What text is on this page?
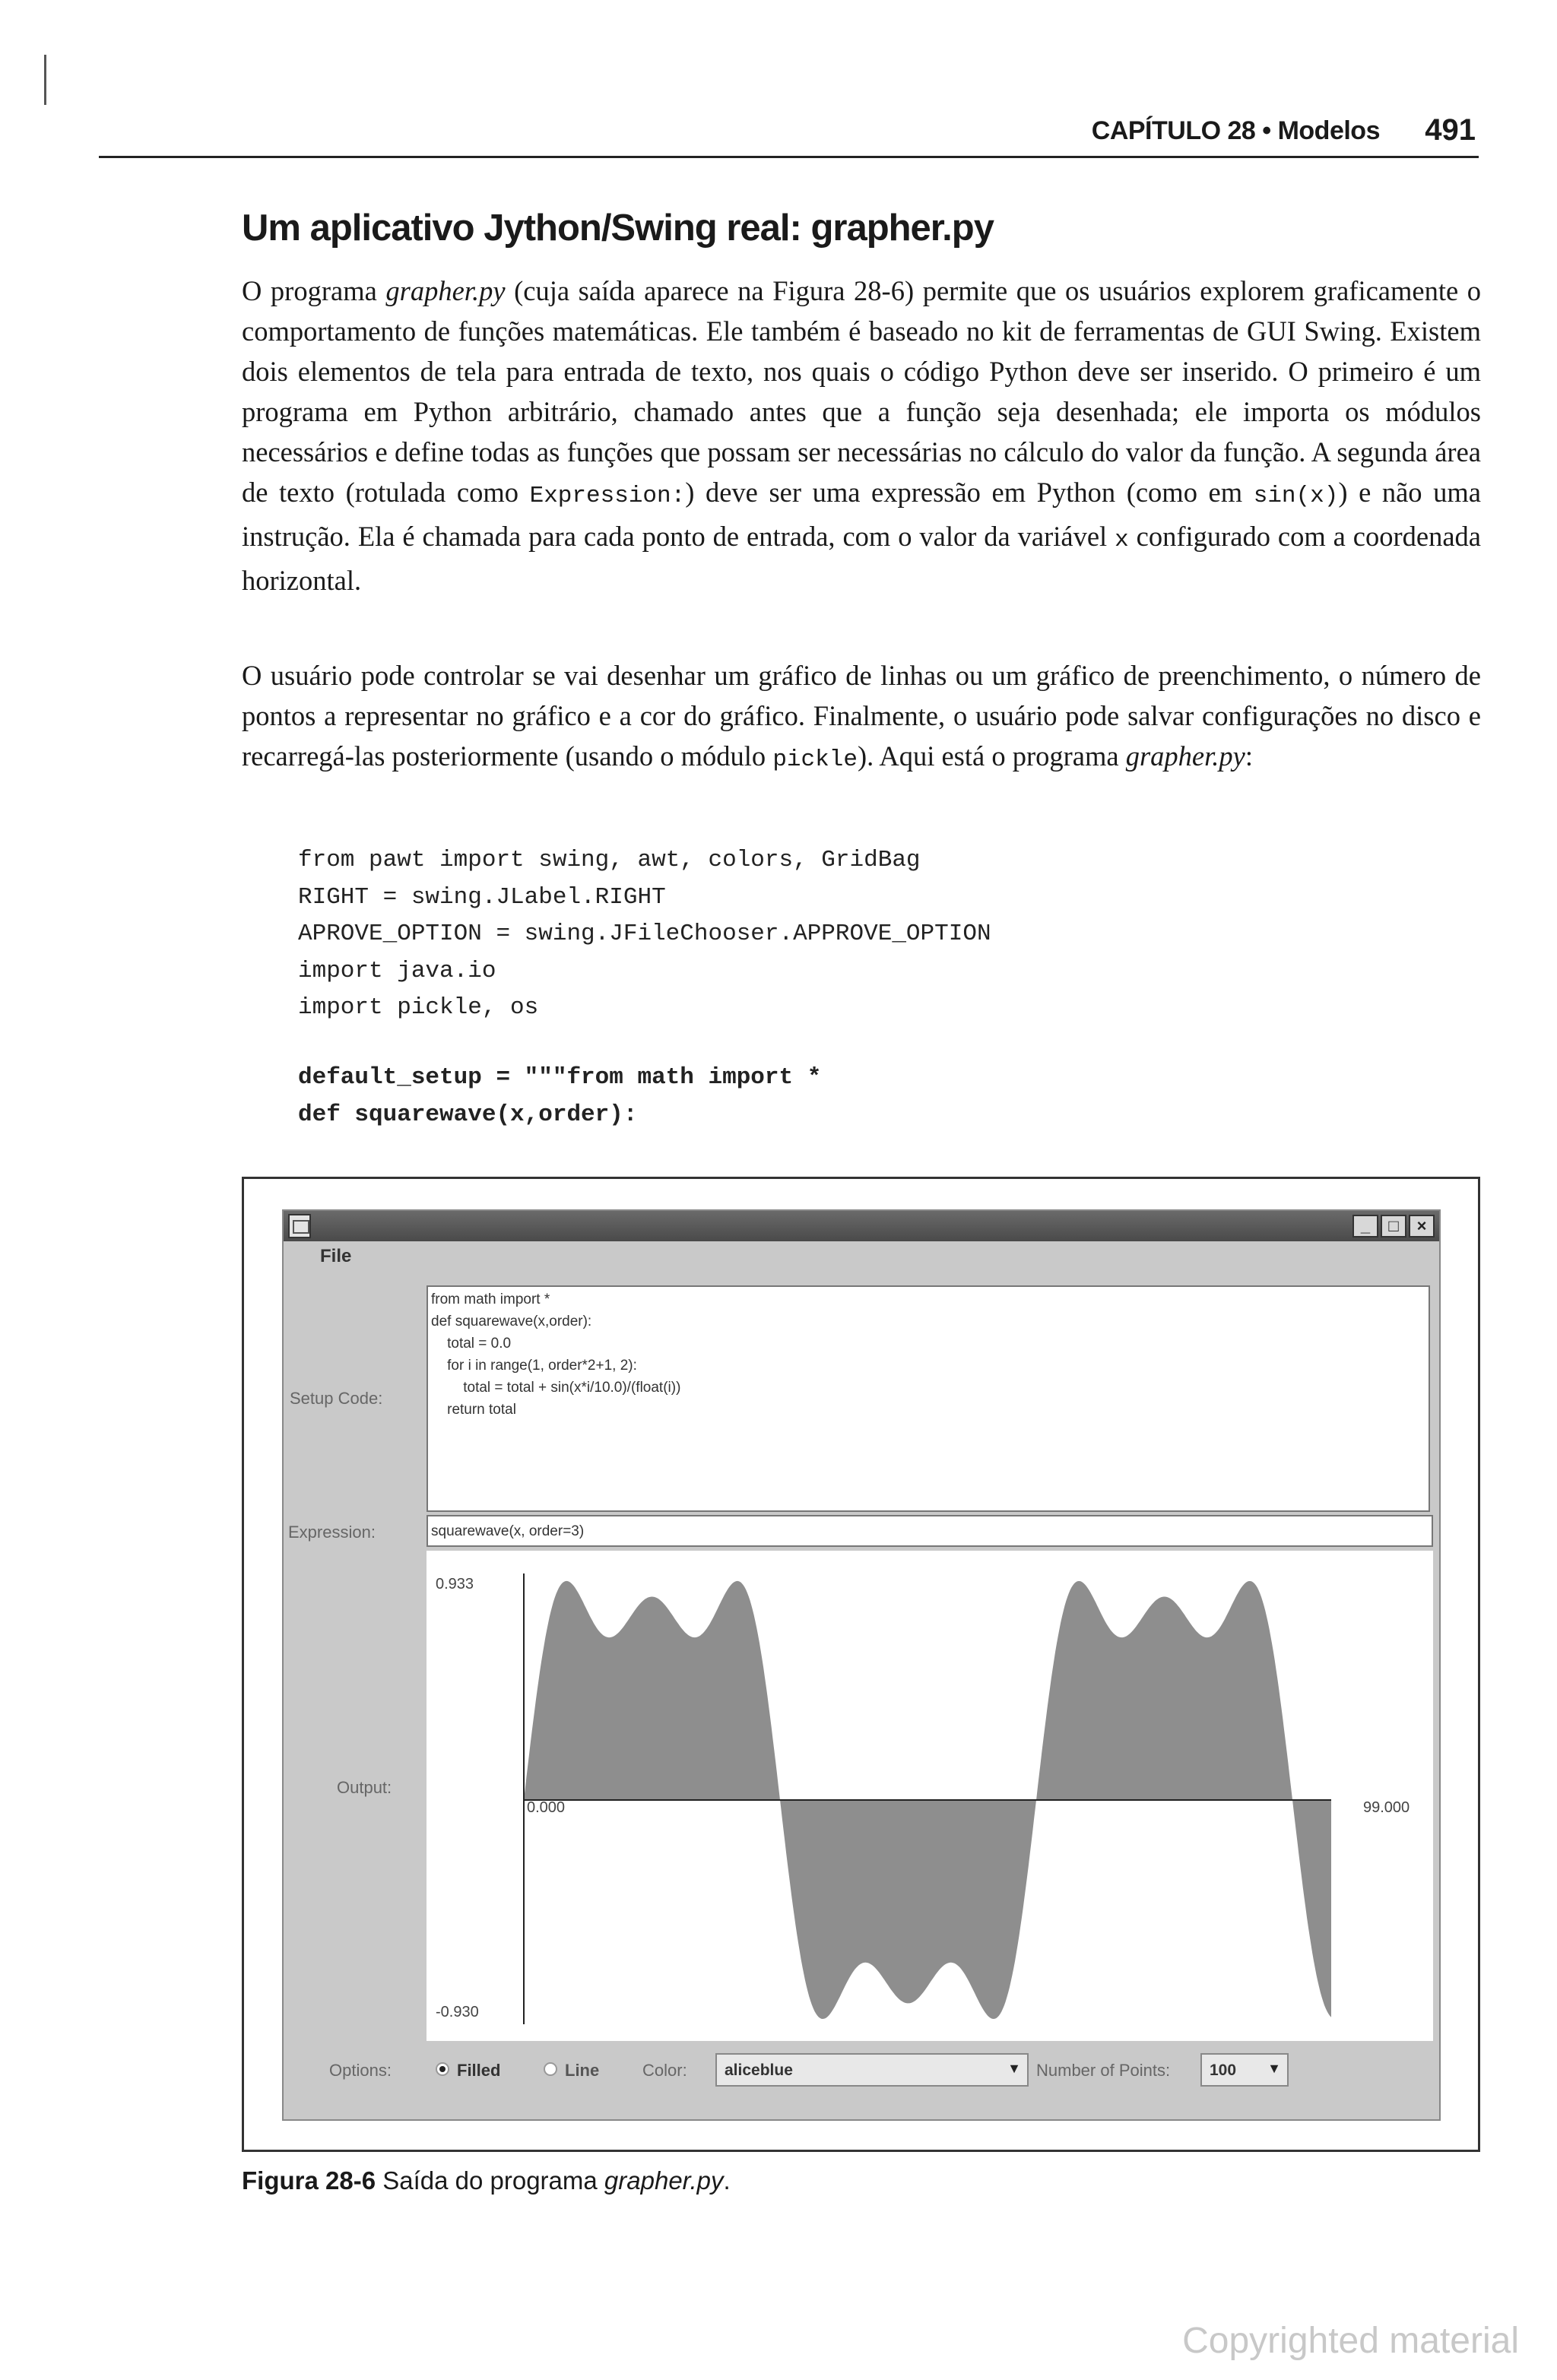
CAPÍTULO 28 • Modelos 491
Um aplicativo Jython/Swing real: grapher.py

O programa grapher.py (cuja saída aparece na Figura 28-6) permite que os usuários explorem graficamente o comportamento de funções matemáticas. Ele também é baseado no kit de ferramentas de GUI Swing. Existem dois elementos de tela para entrada de texto, nos quais o código Python deve ser inserido. O primeiro é um programa em Python arbitrário, chamado antes que a função seja desenhada; ele importa os módulos necessários e define todas as funções que possam ser necessárias no cálculo do valor da função. A segunda área de texto (rotulada como Expression:) deve ser uma expressão em Python (como em sin(x)) e não uma instrução. Ela é chamada para cada ponto de entrada, com o valor da variável x configurado com a coordenada horizontal.

O usuário pode controlar se vai desenhar um gráfico de linhas ou um gráfico de preenchimento, o número de pontos a representar no gráfico e a cor do gráfico. Finalmente, o usuário pode salvar configurações no disco e recarregá-las posteriormente (usando o módulo pickle). Aqui está o programa grapher.py:

from pawt import swing, awt, colors, GridBag
RIGHT = swing.JLabel.RIGHT
APROVE_OPTION = swing.JFileChooser.APPROVE_OPTION
import java.io
import pickle, os
default_setup = """from math import *
def squarewave(x,order):
_	□	×
File
Setup Code:
from math import *
def squarewave(x,order):
total = 0.0
for i in range(1, order*2+1, 2):
total = total + sin(x*i/10.0)/(float(i))
return total
Expression:	squarewave(x, order=3)
Output:
0.933
-0.930
0.000	99.000
Options:	Filled	Line	Color: aliceblue	▼ Number of Points: 100 ▼
Figura 28-6 Saída do programa grapher.py.
Copyrighted material
